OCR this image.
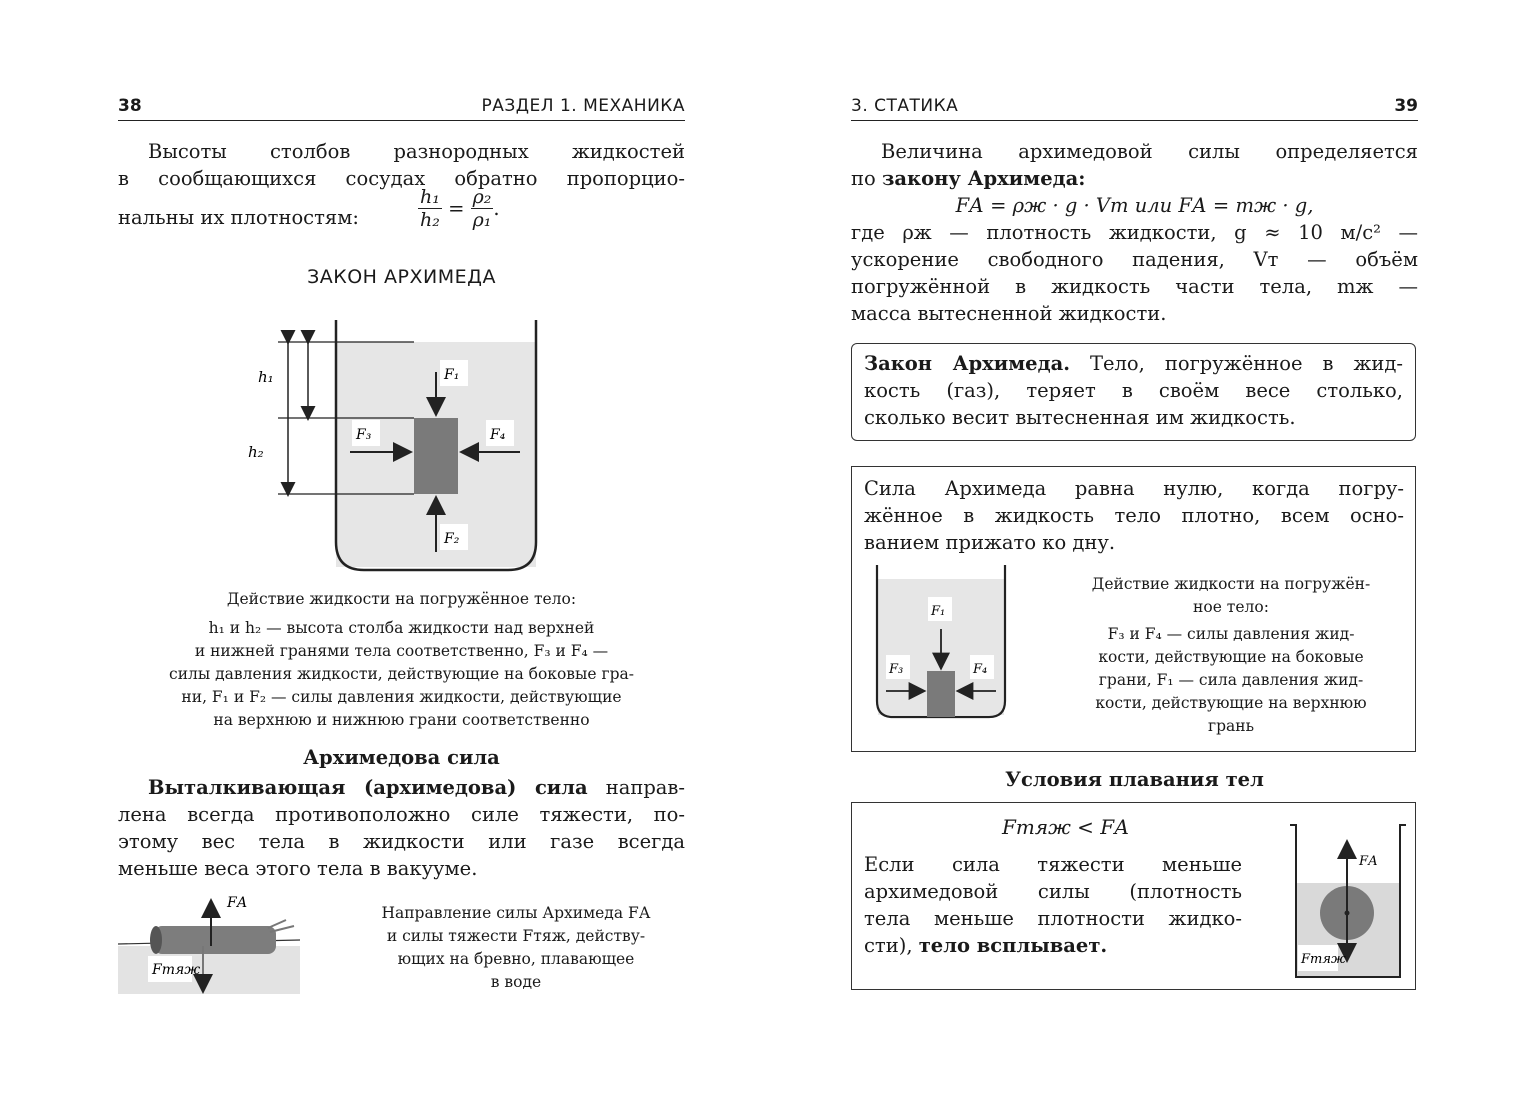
38	РАЗДЕЛ 1. МЕХАНИКА
Высоты столбов разнородных жидкостей
в сообщающихся сосудах обратно пропорцио-
нальны их плотностям:	$\frac{\text{h₁}}{\text{h₂}} = \frac{\text{ρ₂}}{\text{ρ₁}}$ .
ЗАКОН АРХИМЕДА
h₁
h₂
F₁
F₂
F₃	F₄
Действие жидкости на погружённое тело:
h₁ и h₂ — высота столба жидкости над верхней
и нижней гранями тела соответственно, F₃ и F₄ —
силы давления жидкости, действующие на боковые гра-
ни, F₁ и F₂ — силы давления жидкости, действующие
на верхнюю и нижнюю грани соответственно
Архимедова сила
Выталкивающая (архимедова) сила направ-
лена всегда противоположно силе тяжести, по-
этому вес тела в жидкости или газе всегда
меньше веса этого тела в вакууме.
FА
Fтяж
Направление силы Архимеда FА
и силы тяжести Fтяж, действу-
ющих на бревно, плавающее
в воде
39
3. СТАТИКА
Величина архимедовой силы определяется
по закону Архимеда:
FА = ρж · g · Vт или FА = mж · g,
где ρж — плотность жидкости, g ≈ 10 м/с² —
ускорение свободного падения, Vт — объём
погружённой в жидкость части тела, mж —
масса вытесненной жидкости.
Закон Архимеда. Тело, погружённое в жид-
кость (газ), теряет в своём весе столько,
сколько весит вытесненная им жидкость.
Сила Архимеда равна нулю, когда погру-
жённое в жидкость тело плотно, всем осно-
ванием прижато ко дну.
F₁
F₃	F₄
Действие жидкости на погружён-
ное тело:
F₃ и F₄ — силы давления жид-
кости, действующие на боковые
грани, F₁ — сила давления жид-
кости, действующие на верхнюю
грань
Условия плавания тел
Fтяж < FА
Если сила тяжести меньше
архимедовой силы (плотность
тела меньше плотности жидко-
сти), тело всплывает.
FА
Fтяж
